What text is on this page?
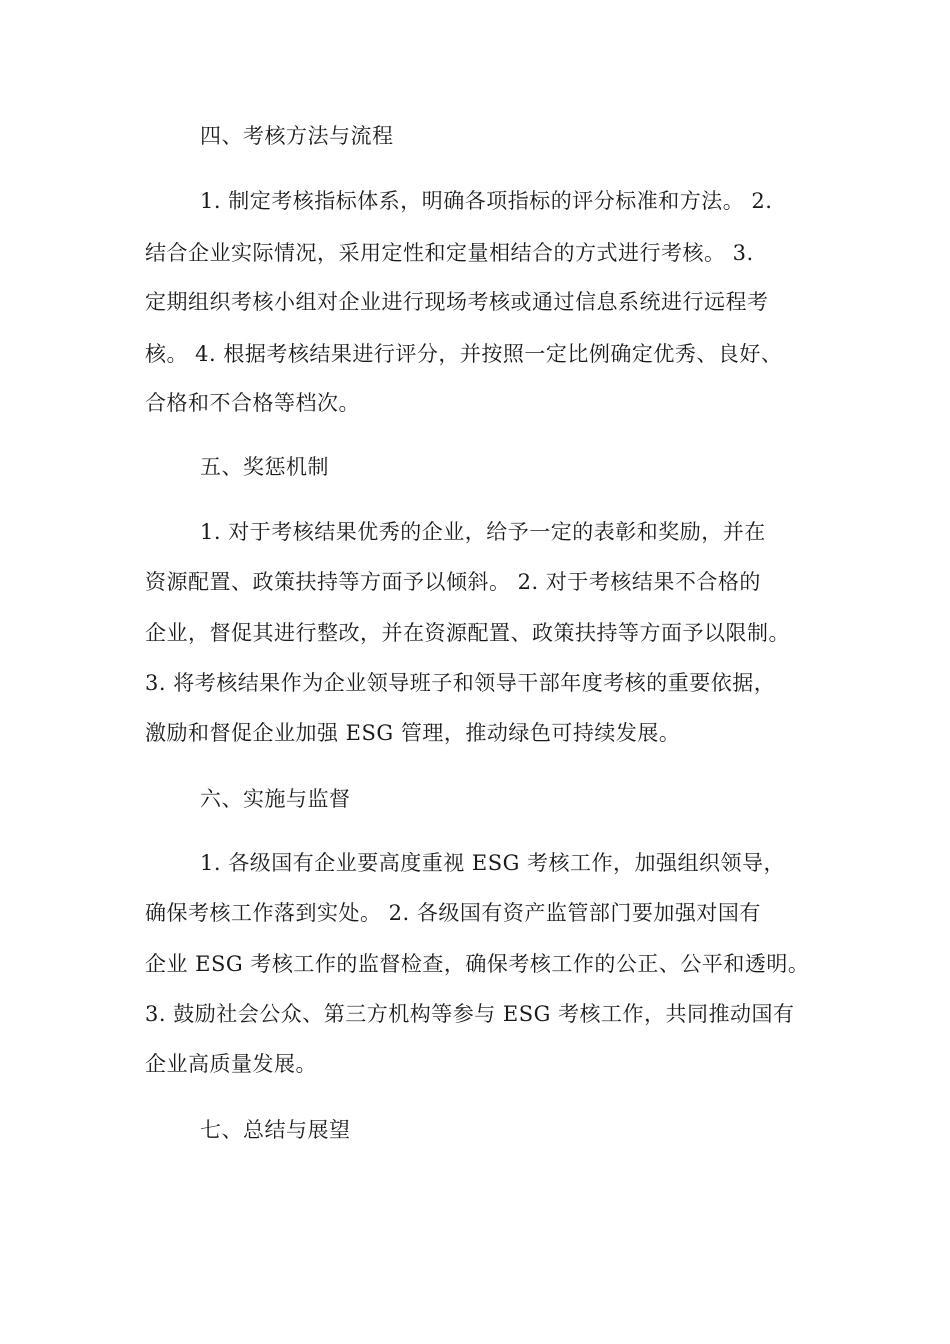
四、考核方法与流程
1. 制定考核指标体系，明确各项指标的评分标准和方法。 2.
结合企业实际情况，采用定性和定量相结合的方式进行考核。 3.
定期组织考核小组对企业进行现场考核或通过信息系统进行远程考
核。 4. 根据考核结果进行评分，并按照一定比例确定优秀、良好、
合格和不合格等档次。
五、奖惩机制
1. 对于考核结果优秀的企业，给予一定的表彰和奖励，并在
资源配置、政策扶持等方面予以倾斜。 2. 对于考核结果不合格的
企业，督促其进行整改，并在资源配置、政策扶持等方面予以限制。
3. 将考核结果作为企业领导班子和领导干部年度考核的重要依据，
激励和督促企业加强 ESG 管理，推动绿色可持续发展。
六、实施与监督
1. 各级国有企业要高度重视 ESG 考核工作，加强组织领导，
确保考核工作落到实处。 2. 各级国有资产监管部门要加强对国有
企业 ESG 考核工作的监督检查，确保考核工作的公正、公平和透明。
3. 鼓励社会公众、第三方机构等参与 ESG 考核工作，共同推动国有
企业高质量发展。
七、总结与展望
